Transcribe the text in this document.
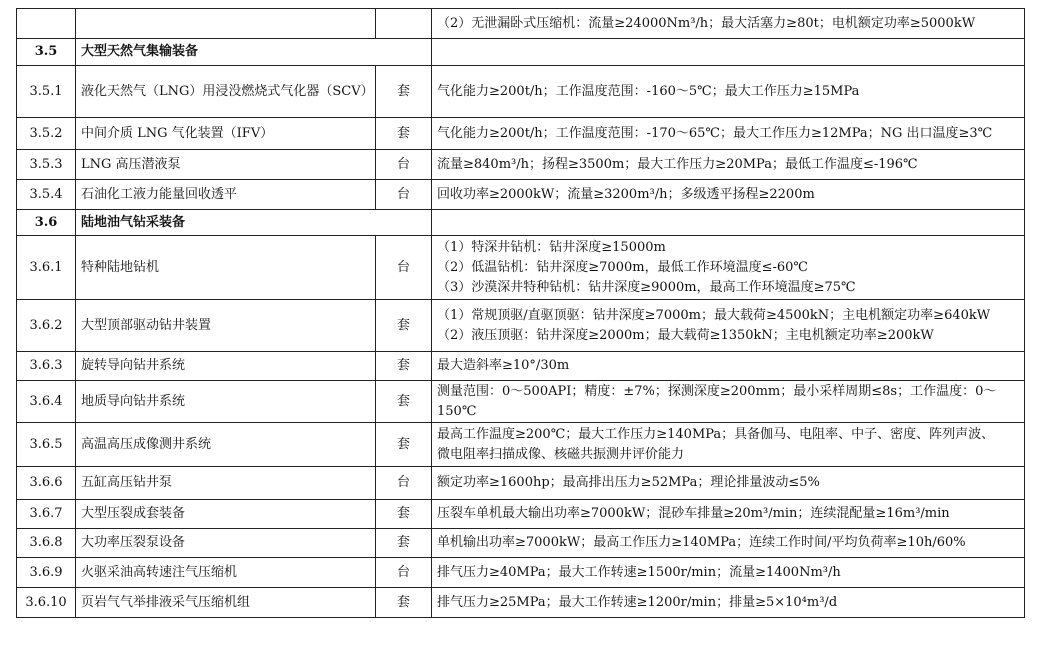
			（2）无泄漏卧式压缩机：流量≥24000Nm³/h；最大活塞力≥80t；电机额定功率≥5000kW

3.5	大型天然气集输装备		
3.5.1	液化天然气（LNG）用浸没燃烧式气化器（SCV）	套	气化能力≥200t/h；工作温度范围：-160～5℃；最大工作压力≥15MPa

3.5.2	中间介质 LNG 气化装置（IFV）	套	气化能力≥200t/h；工作温度范围：-170～65℃；最大工作压力≥12MPa；NG 出口温度≥3℃

3.5.3	LNG 高压潜液泵	台	流量≥840m³/h；扬程≥3500m；最大工作压力≥20MPa；最低工作温度≤-196℃

3.5.4	石油化工液力能量回收透平	台	回收功率≥2000kW；流量≥3200m³/h；多级透平扬程≥2200m

3.6	陆地油气钻采装备		
3.6.1	特种陆地钻机	台	（1）特深井钻机：钻井深度≥15000m
（2）低温钻机：钻井深度≥7000m，最低工作环境温度≤-60℃
（3）沙漠深井特种钻机：钻井深度≥9000m，最高工作环境温度≥75℃

3.6.2	大型顶部驱动钻井装置	套	（1）常规顶驱/直驱顶驱：钻井深度≥7000m；最大载荷≥4500kN；主电机额定功率≥640kW
（2）液压顶驱：钻井深度≥2000m；最大载荷≥1350kN；主电机额定功率≥200kW

3.6.3	旋转导向钻井系统	套	最大造斜率≥10°/30m

3.6.4	地质导向钻井系统	套	测量范围：0～500API；精度：±7%；探测深度≥200mm；最小采样周期≤8s；工作温度：0～
150℃

3.6.5	高温高压成像测井系统	套	最高工作温度≥200℃；最大工作压力≥140MPa；具备伽马、电阻率、中子、密度、阵列声波、
微电阻率扫描成像、核磁共振测井评价能力

3.6.6	五缸高压钻井泵	台	额定功率≥1600hp；最高排出压力≥52MPa；理论排量波动≤5%

3.6.7	大型压裂成套装备	套	压裂车单机最大输出功率≥7000kW；混砂车排量≥20m³/min；连续混配量≥16m³/min

3.6.8	大功率压裂泵设备	套	单机输出功率≥7000kW；最高工作压力≥140MPa；连续工作时间/平均负荷率≥10h/60%

3.6.9	火驱采油高转速注气压缩机	台	排气压力≥40MPa；最大工作转速≥1500r/min；流量≥1400Nm³/h

3.6.10	页岩气气举排液采气压缩机组	套	排气压力≥25MPa；最大工作转速≥1200r/min；排量≥5×10⁴m³/d
